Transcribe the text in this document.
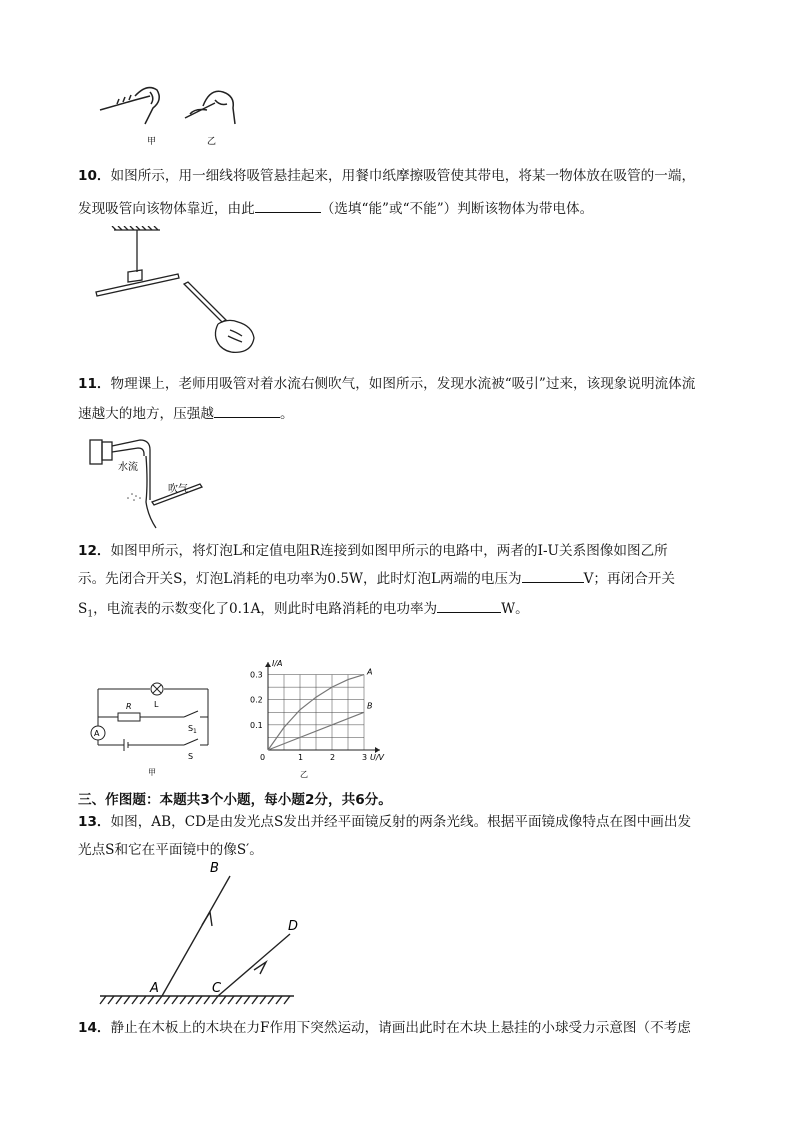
甲	乙
10．如图所示，用一细线将吸管悬挂起来，用餐巾纸摩擦吸管使其带电，将某一物体放在吸管的一端，
发现吸管向该物体靠近，由此	（选填“能”或“不能”）判断该物体为带电体。
11．物理课上，老师用吸管对着水流右侧吹气，如图所示，发现水流被“吸引”过来，该现象说明流体流
速越大的地方，压强越	。
水流
吹气
12．如图甲所示，将灯泡L和定值电阻R连接到如图甲所示的电路中，两者的I-U关系图像如图乙所
示。先闭合开关S，灯泡L消耗的电功率为0.5W，此时灯泡L两端的电压为	V；再闭合开关
$S_1$，电流表的示数变化了0.1A，则此时电路消耗的电功率为	W。
L
R
S 1
S
A
甲
0	1	2	3
0.1
0.2
0.3
U/V
I/A
A
B
乙
三、作图题：本题共3个小题，每小题2分，共6分。
13．如图，AB，CD是由发光点S发出并经平面镜反射的两条光线。根据平面镜成像特点在图中画出发
光点S和它在平面镜中的像S′。
A
B
C
D
14．静止在木板上的木块在力F作用下突然运动，请画出此时在木块上悬挂的小球受力示意图（不考虑
